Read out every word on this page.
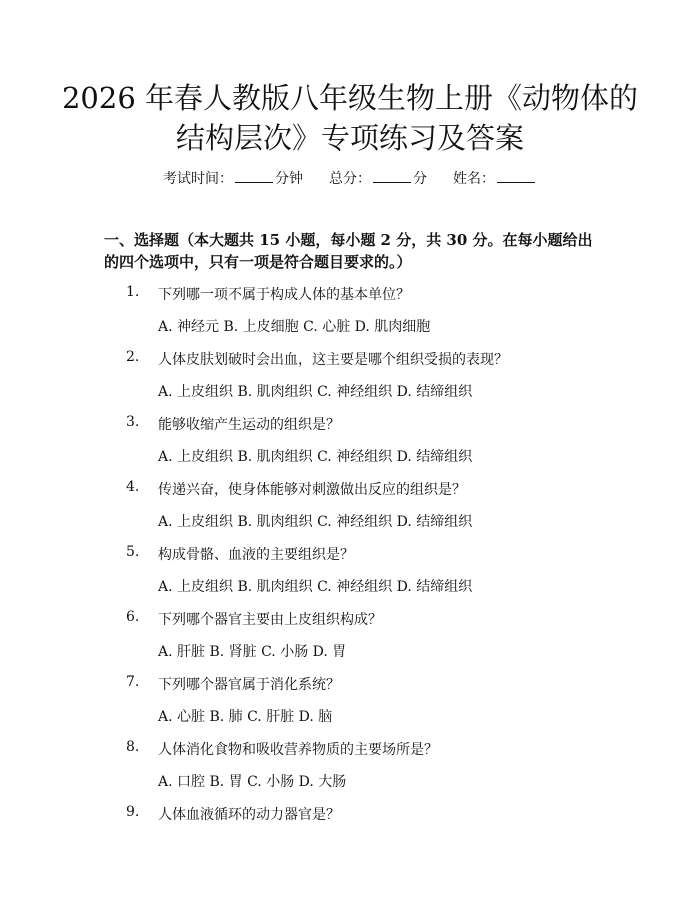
2026 年春人教版八年级生物上册《动物体的
结构层次》专项练习及答案
考试时间：	分钟 总分：	分 姓名：
一、选择题（本大题共 15 小题，每小题 2 分，共 30 分。在每小题给出的四个选项中，只有一项是符合题目要求的。）
1. 下列哪一项不属于构成人体的基本单位？
A. 神经元 B. 上皮细胞 C. 心脏 D. 肌肉细胞
2. 人体皮肤划破时会出血，这主要是哪个组织受损的表现？
A. 上皮组织 B. 肌肉组织 C. 神经组织 D. 结缔组织
3. 能够收缩产生运动的组织是？
A. 上皮组织 B. 肌肉组织 C. 神经组织 D. 结缔组织
4. 传递兴奋，使身体能够对刺激做出反应的组织是？
A. 上皮组织 B. 肌肉组织 C. 神经组织 D. 结缔组织
5. 构成骨骼、血液的主要组织是？
A. 上皮组织 B. 肌肉组织 C. 神经组织 D. 结缔组织
6. 下列哪个器官主要由上皮组织构成？
A. 肝脏 B. 肾脏 C. 小肠 D. 胃
7. 下列哪个器官属于消化系统？
A. 心脏 B. 肺 C. 肝脏 D. 脑
8. 人体消化食物和吸收营养物质的主要场所是？
A. 口腔 B. 胃 C. 小肠 D. 大肠
9. 人体血液循环的动力器官是？
